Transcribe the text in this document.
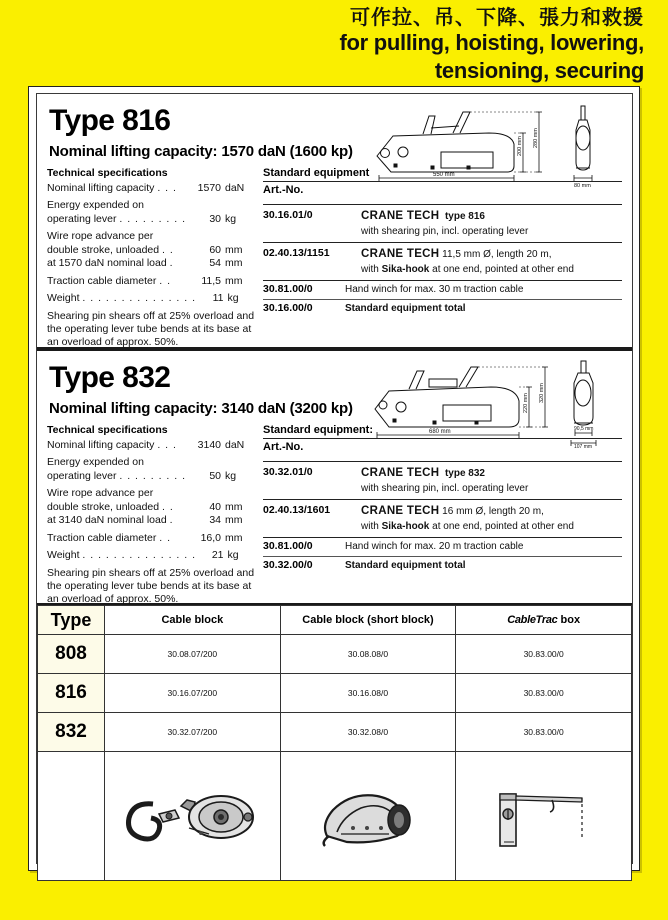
可作拉、吊、下降、張力和救援
for pulling, hoisting, lowering,
tensioning, securing
550 mm
200 mm 280 mm
80 mm
Type 816
Nominal lifting capacity: 1570 daN (1600 kp)
Technical specifications
Nominal lifting capacity . . .	1570 daN
Energy expended on
operating lever . . . . . . . . .	30 kg
Wire rope advance per
double stroke, unloaded . .	60 mm
at 1570 daN nominal load .	54 mm
Traction cable diameter . .	11,5 mm
Weight . . . . . . . . . . . . . . .	11 kg
Shearing pin shears off at 25% overload and the operating lever tube bends at its base at an overload of approx. 50%.
Standard equipment
Art.-No.
30.16.01/0	CRANE TECH type 816
with shearing pin, incl. operating lever
02.40.13/1151	CRANE TECH 11,5 mm Ø, length 20 m,
with Sika-hook at one end, pointed at other end
30.81.00/0	Hand winch for max. 30 m traction cable
30.16.00/0	Standard equipment total
680 mm
220 mm
320 mm
90,5 mm
107 mm
Type 832
Nominal lifting capacity: 3140 daN (3200 kp)
Technical specifications
Nominal lifting capacity . . .	3140 daN
Energy expended on
operating lever . . . . . . . . .	50 kg
Wire rope advance per
double stroke, unloaded . .	40 mm
at 3140 daN nominal load .	34 mm
Traction cable diameter . .	16,0 mm
Weight . . . . . . . . . . . . . . .	21 kg
Shearing pin shears off at 25% overload and the operating lever tube bends at its base at an overload of approx. 50%.
Standard equipment:
Art.-No.
30.32.01/0	CRANE TECH type 832
with shearing pin, incl. operating lever
02.40.13/1601	CRANE TECH 16 mm Ø, length 20 m,
with Sika-hook at one end, pointed at other end
30.81.00/0	Hand winch for max. 20 m traction cable
30.32.00/0	Standard equipment total
Type	Cable block	Cable block (short block)	CableTrac box
808	30.08.07/200	30.08.08/0	30.83.00/0
816	30.16.07/200	30.16.08/0	30.83.00/0
832	30.32.07/200	30.32.08/0	30.83.00/0
